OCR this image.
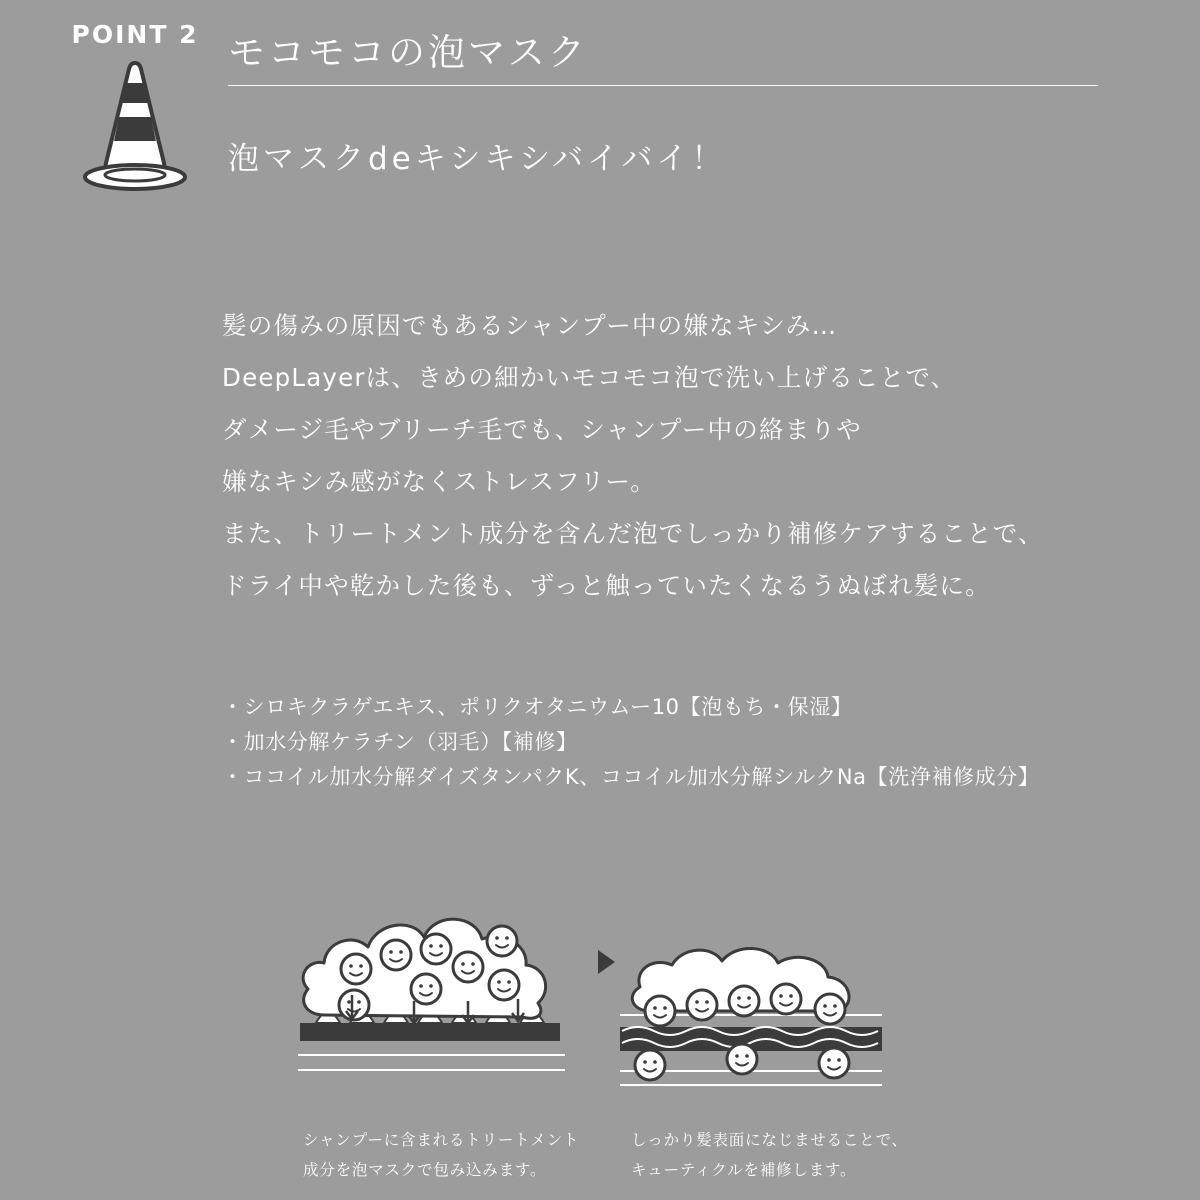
POINT 2 モコモコの泡マスク
泡マスクdeキシキシバイバイ！
髪の傷みの原因でもあるシャンプー中の嫌なキシみ…
DeepLayerは、きめの細かいモコモコ泡で洗い上げることで、
ダメージ毛やブリーチ毛でも、シャンプー中の絡まりや
嫌なキシみ感がなくストレスフリー。
また、トリートメント成分を含んだ泡でしっかり補修ケアすることで、
ドライ中や乾かした後も、ずっと触っていたくなるうぬぼれ髪に。
・シロキクラゲエキス、ポリクオタニウムー10【泡もち・保湿】
・加水分解ケラチン（羽毛）【補修】
・ココイル加水分解ダイズタンパクK、ココイル加水分解シルクNa【洗浄補修成分】
シャンプーに含まれるトリートメント
成分を泡マスクで包み込みます。
しっかり髪表面になじませることで、
キューティクルを補修します。
